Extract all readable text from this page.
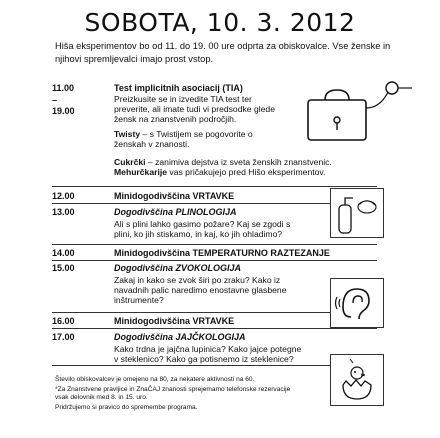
SOBOTA, 10. 3. 2012
Hiša eksperimentov bo od 11. do 19. 00 ure odprta za obiskovalce. Vse ženske in
njihovi spremljevalci imajo prost vstop.
11.00 – 19.00
Test implicitnih asociacij (TIA)
Preizkusite se in izvedite TIA test ter
preverite, ali imate tudi vi predsodke glede
žensk na znanstvenih področjih.
Twisty – s Twistijem se pogovorite o
ženskah v znanosti.
Cukrčki – zanimiva dejstva iz sveta ženskih znanstvenic.
Mehurčkarije vas pričakujejo pred Hišo eksperimentov.
12.00	Minidogodivščina VRTAVKE
13.00	Dogodivščina PLINOLOGIJA
Ali s plini lahko gasimo požare? Kaj se zgodi s
plini, ko jih stiskamo, in kaj, ko jih ohladimo?
14.00	Minidogodivščina TEMPERATURNO RAZTEZANJE
15.00	Dogodivščina ZVOKOLOGIJA
Zakaj in kako se zvok širi po zraku? Kako iz
navadnih palic naredimo enostavne glasbene
inštrumente?
16.00	Minidogodivščina VRTAVKE
17.00	Dogodivščina JAJČKOLOGIJA
Kako trdna je jajčna lupinica? Kako jajce potegne
v steklenico? Kako ga potisnemo iz steklenice?
Število obiskovalcev je omejeno na 80, za nekatere aktivnosti na 60.
*Za Znanstvene pravljice in ZnaČAJ znanosti sprejemamo telefonske rezervacije
vsak delovnik med 8. in 15. uro.
Pridržujemo si pravico do spremembe programa.
